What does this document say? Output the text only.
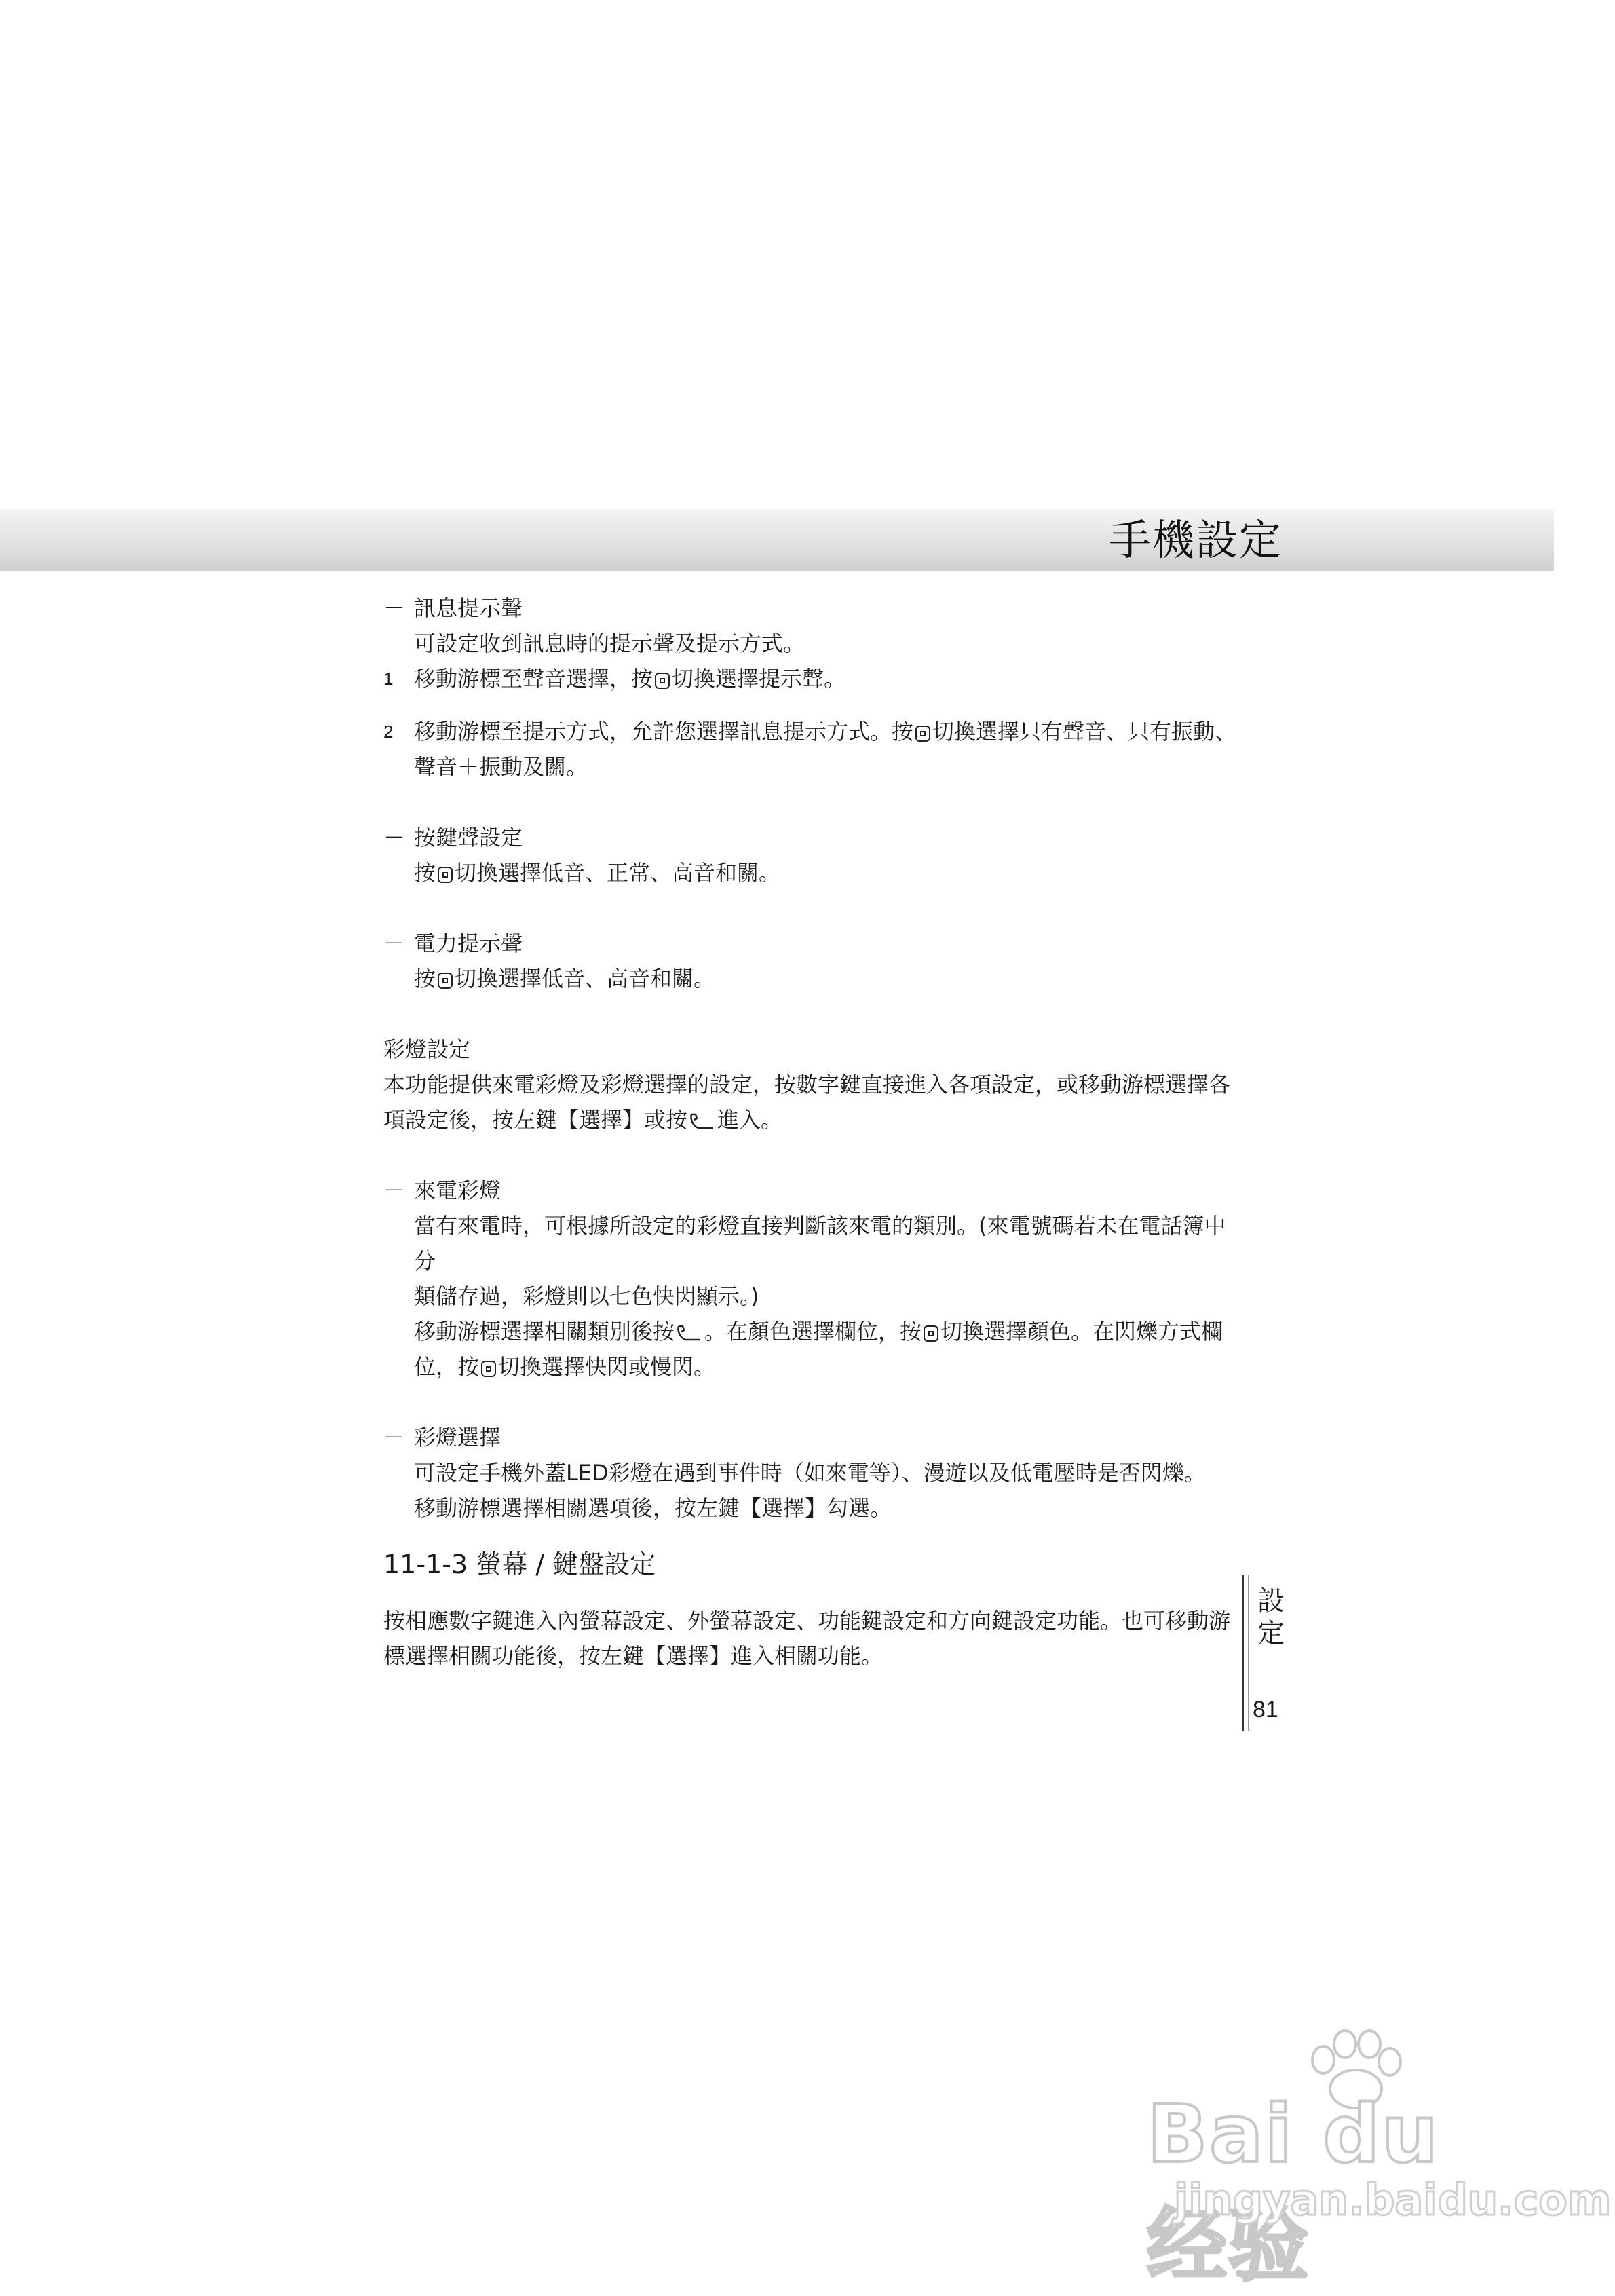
手機設定
－ 訊息提示聲
可設定收到訊息時的提示聲及提示方式。
1 移動游標至聲音選擇，按 切換選擇提示聲。
2 移動游標至提示方式，允許您選擇訊息提示方式。按 切換選擇只有聲音、只有振動、
聲音＋振動及關。
－ 按鍵聲設定
按 切換選擇低音、正常、高音和關。
－ 電力提示聲
按 切換選擇低音、高音和關。
彩燈設定
本功能提供來電彩燈及彩燈選擇的設定，按數字鍵直接進入各項設定，或移動游標選擇各
項設定後，按左鍵【選擇】或按 進入。
－ 來電彩燈
當有來電時，可根據所設定的彩燈直接判斷該來電的類別。(來電號碼若未在電話簿中分
類儲存過，彩燈則以七色快閃顯示。)
移動游標選擇相關類別後按 。在顏色選擇欄位，按 切換選擇顏色。在閃爍方式欄
位，按 切換選擇快閃或慢閃。
－ 彩燈選擇
可設定手機外蓋LED彩燈在遇到事件時（如來電等）、漫遊以及低電壓時是否閃爍。
移動游標選擇相關選項後，按左鍵【選擇】勾選。
11-1-3 螢幕 / 鍵盤設定
按相應數字鍵進入內螢幕設定、外螢幕設定、功能鍵設定和方向鍵設定功能。也可移動游
標選擇相關功能後，按左鍵【選擇】進入相關功能。
設
定
81
Bai du 经验
jingyan.baidu.com
